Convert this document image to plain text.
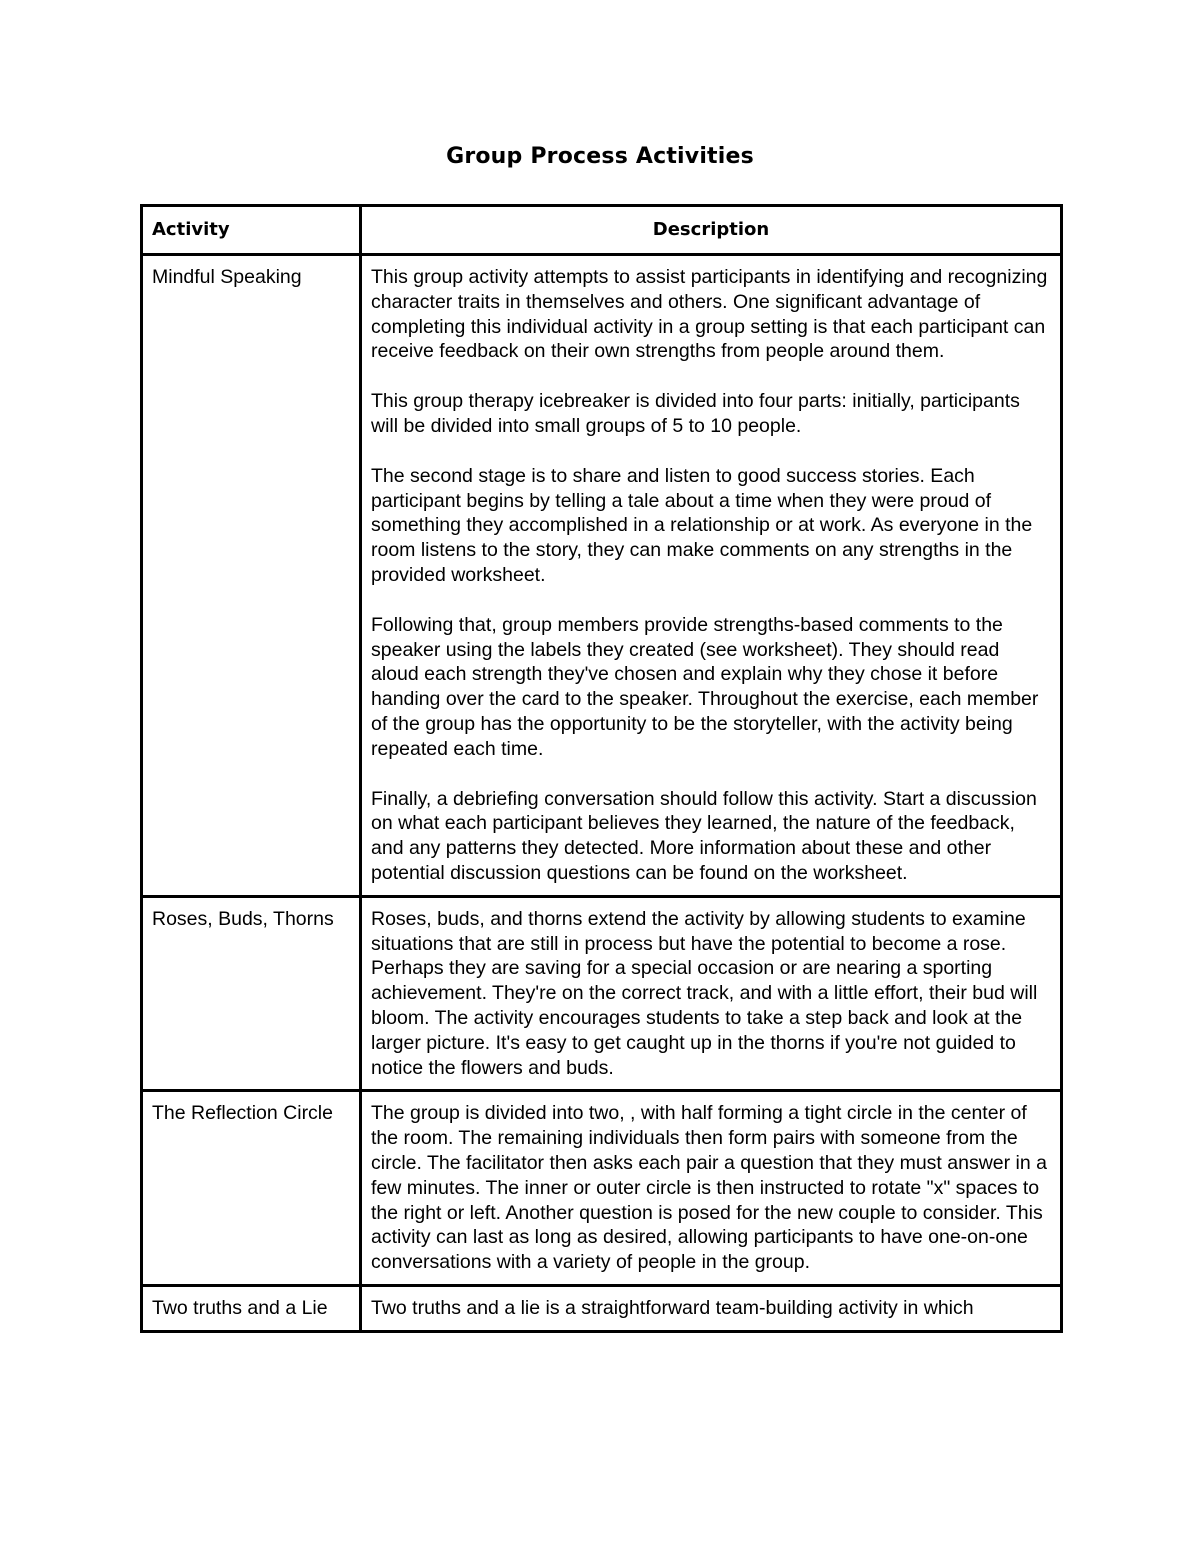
Group Process Activities
Activity	Description
Mindful Speaking	This group activity attempts to assist participants in identifying and recognizing character traits in themselves and others. One significant advantage of completing this individual activity in a group setting is that each participant can receive feedback on their own strengths from people around them.
This group therapy icebreaker is divided into four parts: initially, participants will be divided into small groups of 5 to 10 people.
The second stage is to share and listen to good success stories. Each participant begins by telling a tale about a time when they were proud of something they accomplished in a relationship or at work. As everyone in the room listens to the story, they can make comments on any strengths in the provided worksheet.
Following that, group members provide strengths-based comments to the speaker using the labels they created (see worksheet). They should read aloud each strength they've chosen and explain why they chose it before handing over the card to the speaker. Throughout the exercise, each member of the group has the opportunity to be the storyteller, with the activity being repeated each time.
Finally, a debriefing conversation should follow this activity. Start a discussion on what each participant believes they learned, the nature of the feedback, and any patterns they detected. More information about these and other potential discussion questions can be found on the worksheet.

Roses, Buds, Thorns	Roses, buds, and thorns extend the activity by allowing students to examine situations that are still in process but have the potential to become a rose. Perhaps they are saving for a special occasion or are nearing a sporting achievement. They're on the correct track, and with a little effort, their bud will bloom. The activity encourages students to take a step back and look at the larger picture. It's easy to get caught up in the thorns if you're not guided to notice the flowers and buds.

The Reflection Circle	The group is divided into two, , with half forming a tight circle in the center of the room. The remaining individuals then form pairs with someone from the circle. The facilitator then asks each pair a question that they must answer in a few minutes. The inner or outer circle is then instructed to rotate "x" spaces to the right or left. Another question is posed for the new couple to consider. This activity can last as long as desired, allowing participants to have one-on-one conversations with a variety of people in the group.

Two truths and a Lie	Two truths and a lie is a straightforward team-building activity in which
